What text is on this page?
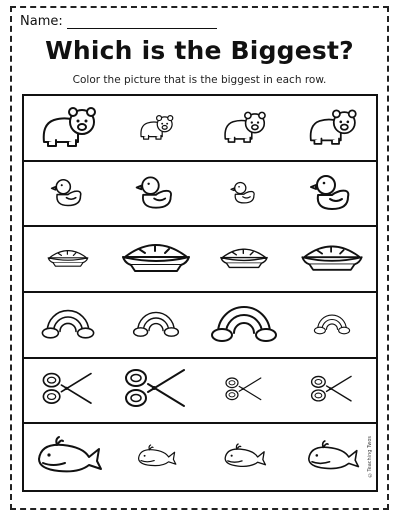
Name:
Which is the Biggest?
Color the picture that is the biggest in each row.
©Teaching Twos
